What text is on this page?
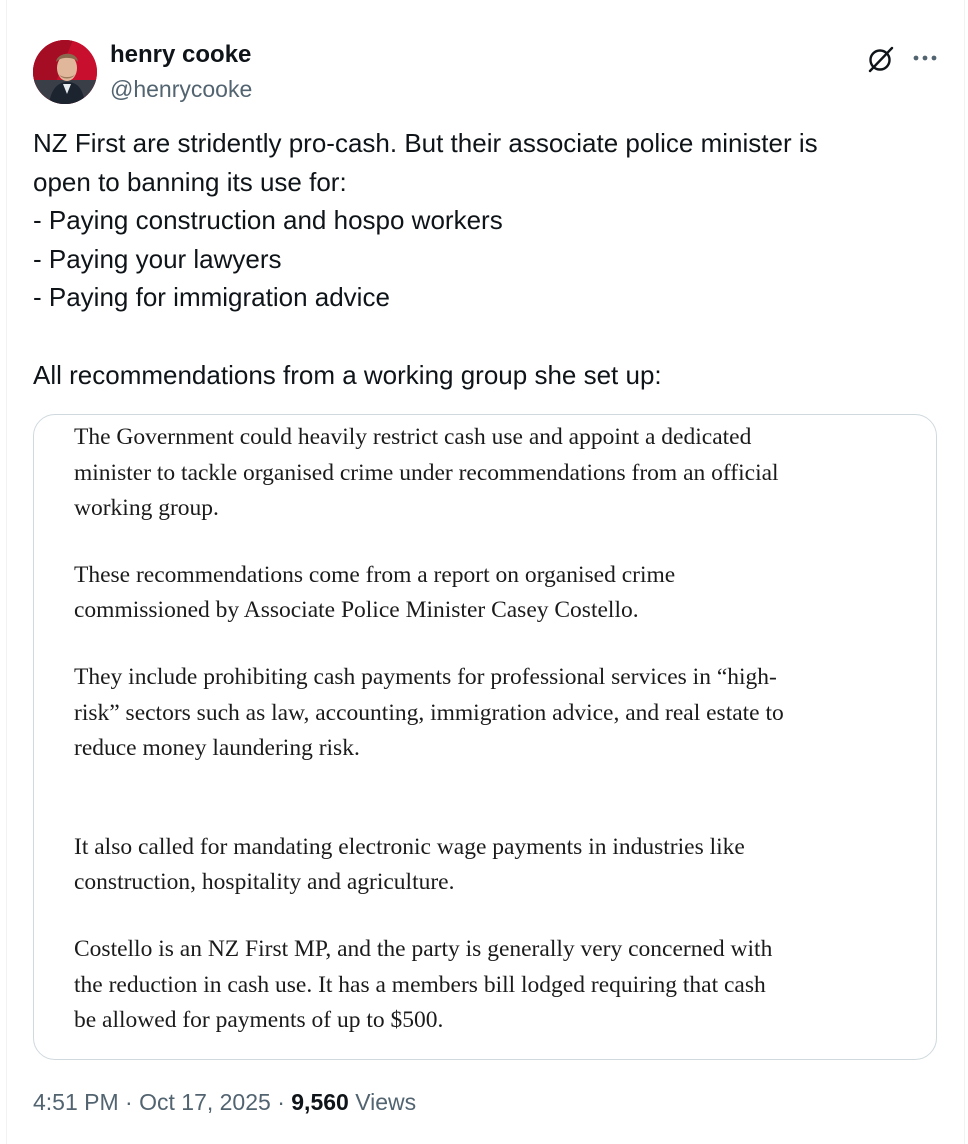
henry cooke
@henrycooke
NZ First are stridently pro-cash. But their associate police minister is
open to banning its use for:
- Paying construction and hospo workers
- Paying your lawyers
- Paying for immigration advice
All recommendations from a working group she set up:
The Government could heavily restrict cash use and appoint a dedicated
minister to tackle organised crime under recommendations from an official
working group.
These recommendations come from a report on organised crime
commissioned by Associate Police Minister Casey Costello.
They include prohibiting cash payments for professional services in “high-
risk” sectors such as law, accounting, immigration advice, and real estate to
reduce money laundering risk.
It also called for mandating electronic wage payments in industries like
construction, hospitality and agriculture.
Costello is an NZ First MP, and the party is generally very concerned with
the reduction in cash use. It has a members bill lodged requiring that cash
be allowed for payments of up to $500.
4:51 PM · Oct 17, 2025 · 9,560 Views
